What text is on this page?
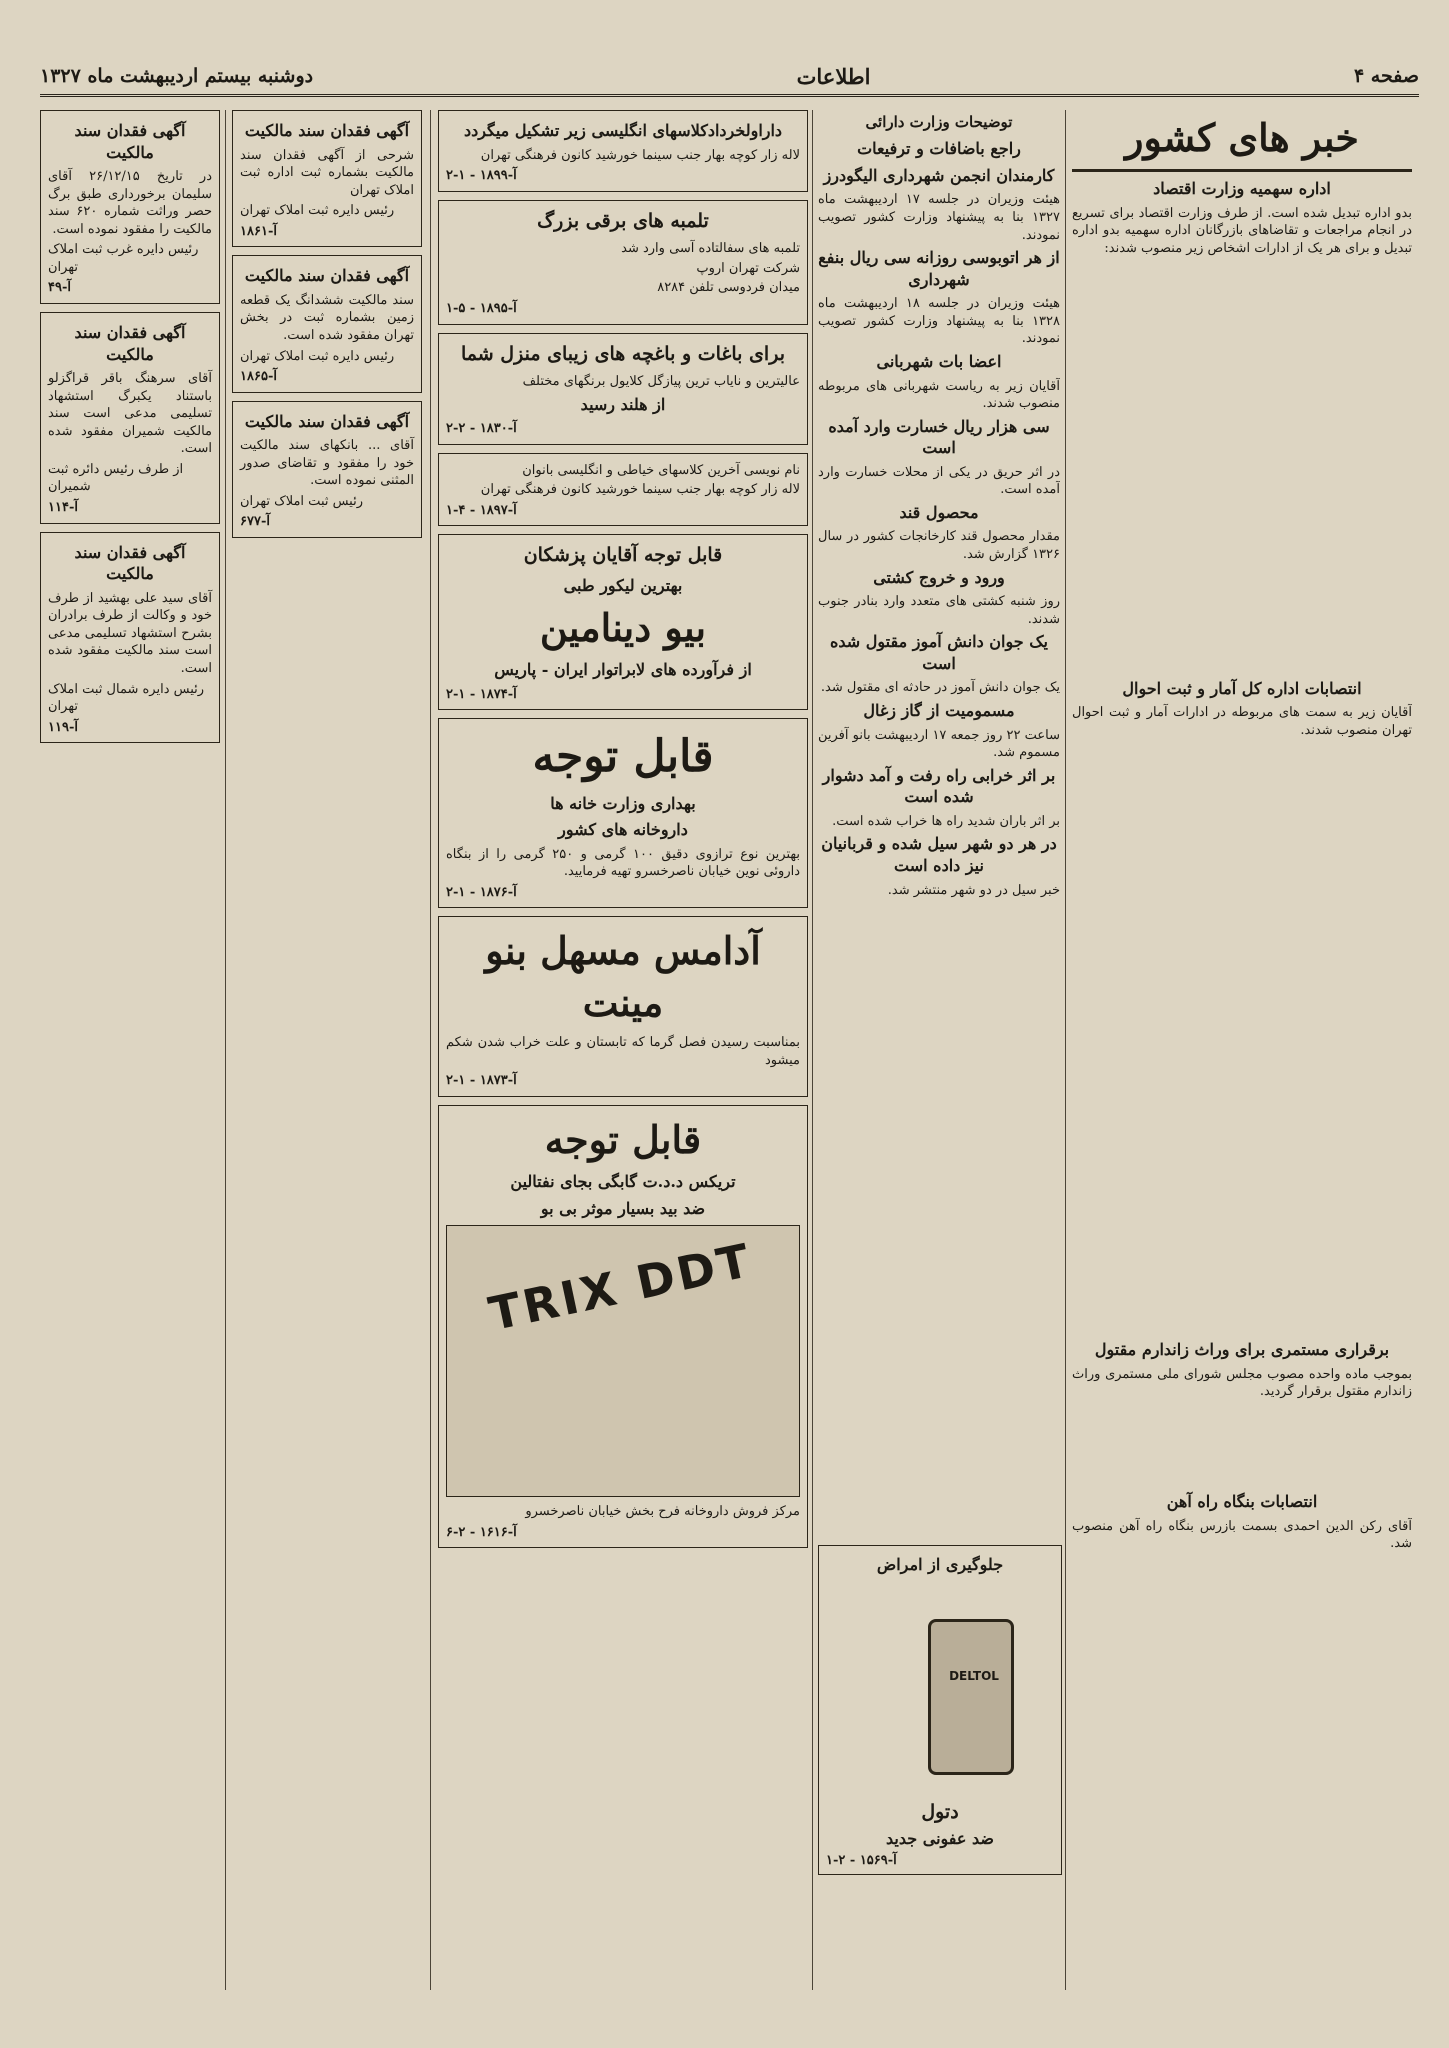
صفحه ۴
اطلاعات
دوشنبه بیستم اردیبهشت ماه ۱۳۲۷
خبر های کشور
اداره سهمیه وزارت اقتصاد
بدو اداره تبدیل شده است. از طرف وزارت اقتصاد برای تسریع در انجام مراجعات و تقاضاهای بازرگانان اداره سهمیه بدو اداره تبدیل و برای هر یک از ادارات اشخاص زیر منصوب شدند:
انتصابات اداره کل آمار و ثبت احوال
آقایان زیر به سمت های مربوطه در ادارات آمار و ثبت احوال تهران منصوب شدند.
برقراری مستمری برای وراث زاندارم مقتول
بموجب ماده واحده مصوب مجلس شورای ملی مستمری وراث زاندارم مقتول برقرار گردید.
انتصابات بنگاه راه آهن
آقای رکن الدین احمدی بسمت بازرس بنگاه راه آهن منصوب شد.
توضیحات وزارت دارائی
راجع باضافات و ترفیعات
کارمندان انجمن شهرداری الیگودرز
هیئت وزیران در جلسه ۱۷ اردیبهشت ماه ۱۳۲۷ بنا به پیشنهاد وزارت کشور تصویب نمودند.
از هر اتوبوسی روزانه سی ریال بنفع شهرداری
هیئت وزیران در جلسه ۱۸ اردیبهشت ماه ۱۳۲۸ بنا به پیشنهاد وزارت کشور تصویب نمودند.
اعضا بات شهربانی
آقایان زیر به ریاست شهربانی های مربوطه منصوب شدند.
سی هزار ریال خسارت وارد آمده است
در اثر حریق در یکی از محلات خسارت وارد آمده است.
محصول قند
مقدار محصول قند کارخانجات کشور در سال ۱۳۲۶ گزارش شد.
ورود و خروج کشتی
روز شنبه کشتی های متعدد وارد بنادر جنوب شدند.
یک جوان دانش آموز مقتول شده است
یک جوان دانش آموز در حادثه ای مقتول شد.
مسمومیت از گاز زغال
ساعت ۲۲ روز جمعه ۱۷ اردیبهشت بانو آفرین مسموم شد.
بر اثر خرابی راه رفت و آمد دشوار شده است
بر اثر باران شدید راه ها خراب شده است.
در هر دو شهر سیل شده و قربانیان نیز داده است
خبر سیل در دو شهر منتشر شد.
داراولخردادکلاسهای انگلیسی زیر تشکیل میگردد
لاله زار کوچه بهار جنب سینما خورشید کانون فرهنگی تهران
آ-۱۸۹۹ - ۱-۲
تلمبه های برقی بزرگ
تلمبه های سفالتاده آسی وارد شد
شرکت تهران اروپ
میدان فردوسی تلفن ۸۲۸۴
آ-۱۸۹۵ - ۵-۱
برای باغات و باغچه های زیبای منزل شما
عالیترین و نایاب ترین پیازگل کلایول برنگهای مختلف
از هلند رسید
آ-۱۸۳۰ - ۲-۲
نام نویسی آخرین کلاسهای خیاطی و انگلیسی بانوان
لاله زار کوچه بهار جنب سینما خورشید کانون فرهنگی تهران
آ-۱۸۹۷ - ۴-۱
قابل توجه آقایان پزشکان
بهترین لیکور طبی
بیو دینامین
از فرآورده های لابراتوار ایران - پاریس
آ-۱۸۷۴ - ۱-۲
قابل توجه
بهداری وزارت خانه ها
داروخانه های کشور
بهترین نوع ترازوی دقیق ۱۰۰ گرمی و ۲۵۰ گرمی را از بنگاه داروئی نوین خیابان ناصرخسرو تهیه فرمایید.
آ-۱۸۷۶ - ۱-۲
آدامس مسهل بنو مینت
بمناسبت رسیدن فصل گرما که تابستان و علت خراب شدن شکم میشود
آ-۱۸۷۳ - ۱-۲
قابل توجه
تریکس د.د.ت گابگی بجای نفتالین
ضد بید بسیار موثر بی بو
TRIX DDT
مرکز فروش داروخانه فرح بخش خیابان ناصرخسرو
آ-۱۶۱۶ - ۲-۶
آگهی فقدان سند مالکیت
شرحی از آگهی فقدان سند مالکیت بشماره ثبت اداره ثبت املاک تهران
رئیس دایره ثبت املاک تهران
آ-۱۸۶۱
آگهی فقدان سند مالکیت
سند مالکیت ششدانگ یک قطعه زمین بشماره ثبت در بخش تهران مفقود شده است.
رئیس دایره ثبت املاک تهران
آ-۱۸۶۵
آگهی فقدان سند مالکیت
آقای ... بانکهای سند مالکیت خود را مفقود و تقاضای صدور المثنی نموده است.
رئیس ثبت املاک تهران
آ-۶۷۷
آگهی فقدان سند مالکیت
در تاریخ ۲۶/۱۲/۱۵ آقای سلیمان برخورداری طبق برگ حصر وراثت شماره ۶۲۰ سند مالکیت را مفقود نموده است.
رئیس دایره غرب ثبت املاک تهران
آ-۴۹
آگهی فقدان سند مالکیت
آقای سرهنگ باقر قراگزلو باستناد یکبرگ استشهاد تسلیمی مدعی است سند مالکیت شمیران مفقود شده است.
از طرف رئیس دائره ثبت شمیران
آ-۱۱۴
آگهی فقدان سند مالکیت
آقای سید علی بهشید از طرف خود و وکالت از طرف برادران بشرح استشهاد تسلیمی مدعی است سند مالکیت مفقود شده است.
رئیس دایره شمال ثبت املاک تهران
آ-۱۱۹
جلوگیری از امراض
DELTOL
دتول
ضد عفونی جدید
آ-۱۵۶۹ - ۲-۱
